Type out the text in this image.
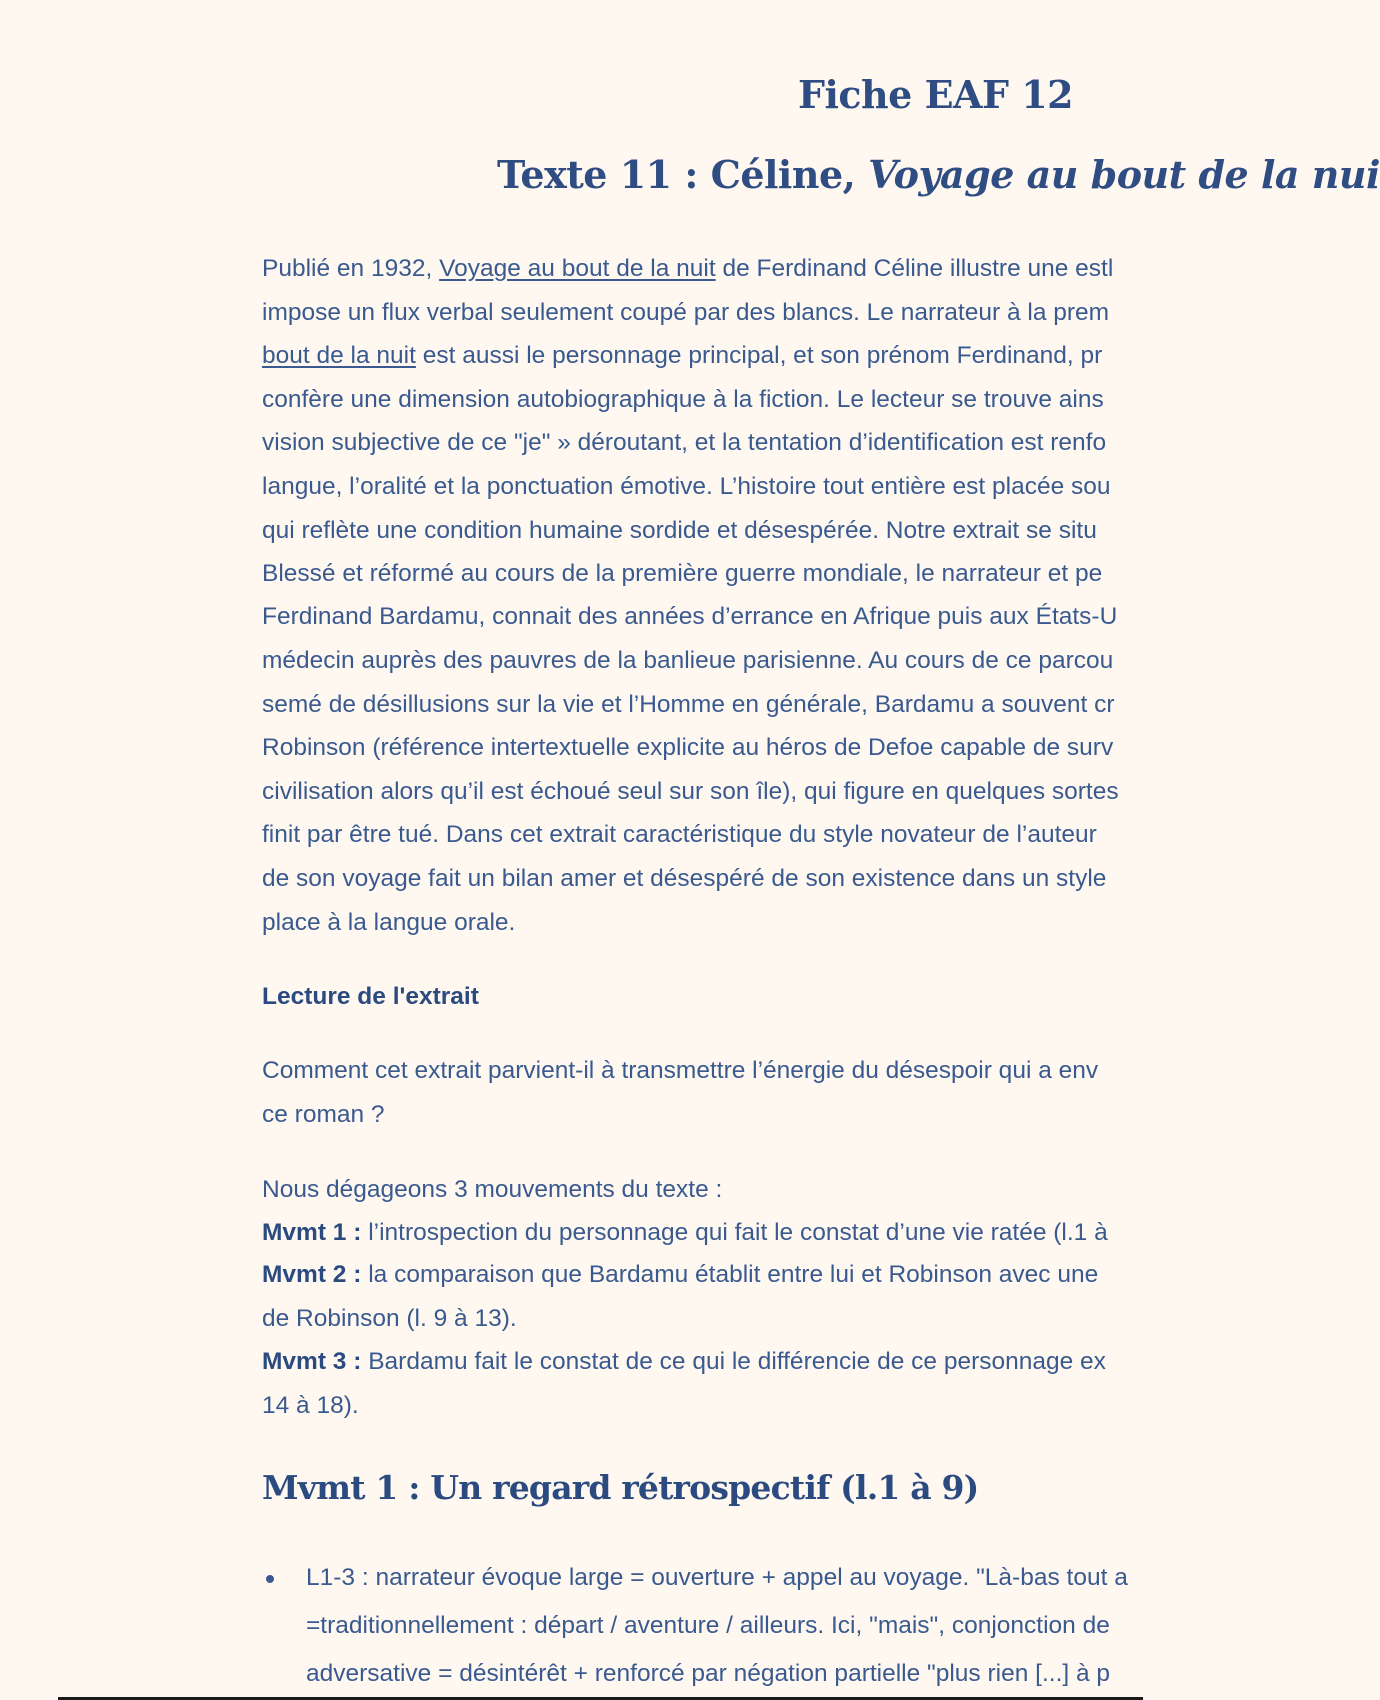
Fiche EAF 12
Texte 11 : Céline, Voyage au bout de la nui
Publié en 1932, Voyage au bout de la nuit de Ferdinand Céline illustre une estl
impose un flux verbal seulement coupé par des blancs. Le narrateur à la prem
bout de la nuit est aussi le personnage principal, et son prénom Ferdinand, pr
confère une dimension autobiographique à la fiction. Le lecteur se trouve ains
vision subjective de ce "je" » déroutant, et la tentation d’identification est renfo
langue, l’oralité et la ponctuation émotive. L’histoire tout entière est placée sou
qui reflète une condition humaine sordide et désespérée. Notre extrait se situ
Blessé et réformé au cours de la première guerre mondiale, le narrateur et pe
Ferdinand Bardamu, connait des années d’errance en Afrique puis aux États-U
médecin auprès des pauvres de la banlieue parisienne. Au cours de ce parcou
semé de désillusions sur la vie et l’Homme en générale, Bardamu a souvent cr
Robinson (référence intertextuelle explicite au héros de Defoe capable de surv
civilisation alors qu’il est échoué seul sur son île), qui figure en quelques sortes
finit par être tué. Dans cet extrait caractéristique du style novateur de l’auteur
de son voyage fait un bilan amer et désespéré de son existence dans un style
place à la langue orale.
Lecture de l'extrait
Comment cet extrait parvient-il à transmettre l’énergie du désespoir qui a env
ce roman ?
Nous dégageons 3 mouvements du texte :
Mvmt 1 : l’introspection du personnage qui fait le constat d’une vie ratée (l.1 à
Mvmt 2 : la comparaison que Bardamu établit entre lui et Robinson avec une
de Robinson (l. 9 à 13).
Mvmt 3 : Bardamu fait le constat de ce qui le différencie de ce personnage ex
14 à 18).
Mvmt 1 : Un regard rétrospectif (l.1 à 9)
L1-3 : narrateur évoque large = ouverture + appel au voyage. "Là-bas tout a
=traditionnellement : départ / aventure / ailleurs. Ici, "mais", conjonction de
adversative = désintérêt + renforcé par négation partielle "plus rien [...] à p
